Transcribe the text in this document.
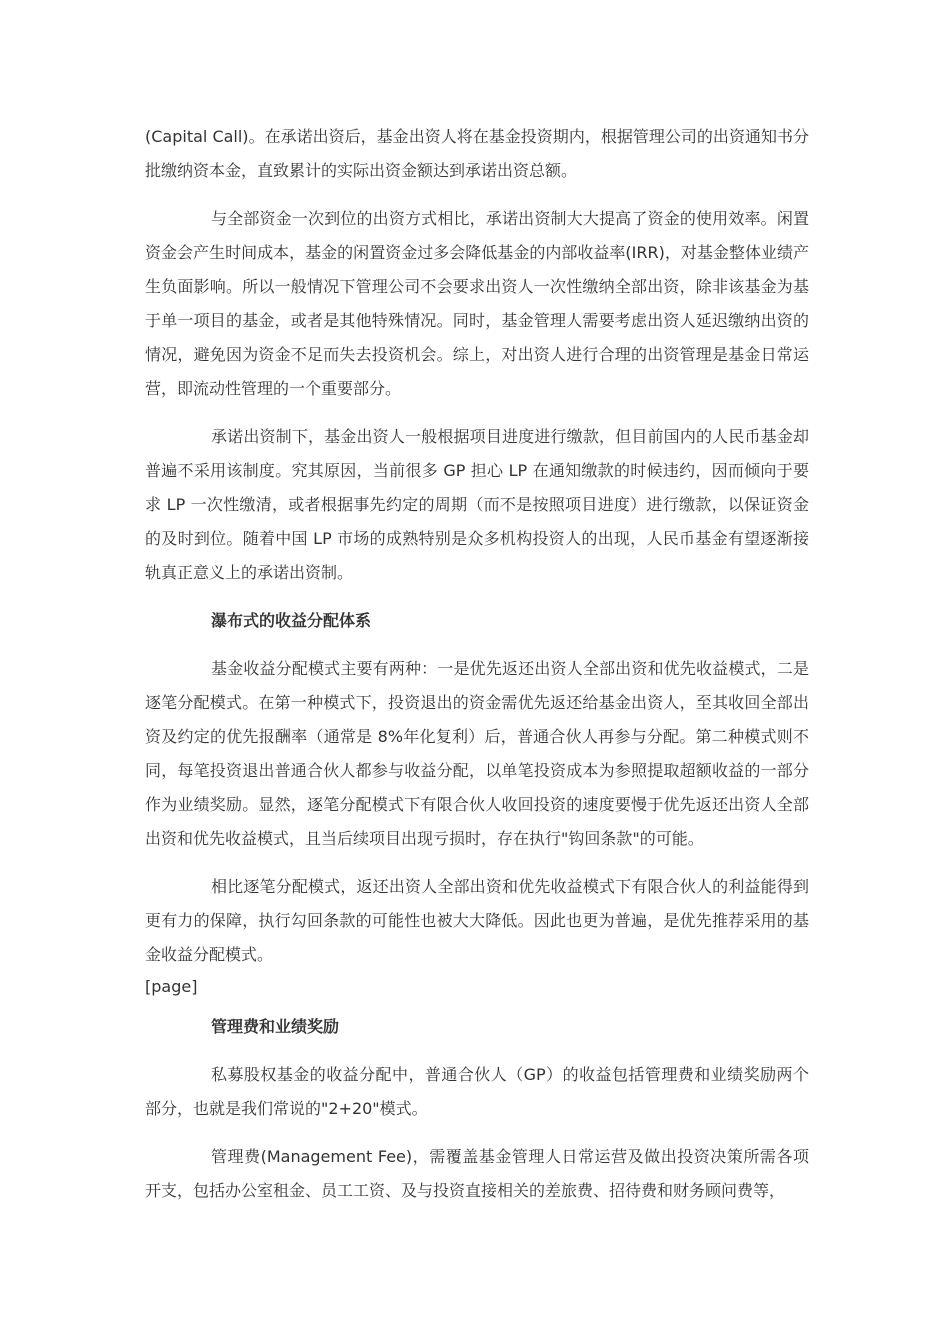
(Capital Call)。在承诺出资后，基金出资人将在基金投资期内，根据管理公司的出资通知书分批缴纳资本金，直致累计的实际出资金额达到承诺出资总额。

与全部资金一次到位的出资方式相比，承诺出资制大大提高了资金的使用效率。闲置资金会产生时间成本，基金的闲置资金过多会降低基金的内部收益率(IRR)，对基金整体业绩产生负面影响。所以一般情况下管理公司不会要求出资人一次性缴纳全部出资，除非该基金为基于单一项目的基金，或者是其他特殊情况。同时，基金管理人需要考虑出资人延迟缴纳出资的情况，避免因为资金不足而失去投资机会。综上，对出资人进行合理的出资管理是基金日常运营，即流动性管理的一个重要部分。

承诺出资制下，基金出资人一般根据项目进度进行缴款，但目前国内的人民币基金却普遍不采用该制度。究其原因，当前很多 GP 担心 LP 在通知缴款的时候违约，因而倾向于要求 LP 一次性缴清，或者根据事先约定的周期（而不是按照项目进度）进行缴款，以保证资金的及时到位。随着中国 LP 市场的成熟特别是众多机构投资人的出现，人民币基金有望逐渐接轨真正意义上的承诺出资制。

瀑布式的收益分配体系

基金收益分配模式主要有两种：一是优先返还出资人全部出资和优先收益模式，二是逐笔分配模式。在第一种模式下，投资退出的资金需优先返还给基金出资人，至其收回全部出资及约定的优先报酬率（通常是 8%年化复利）后，普通合伙人再参与分配。第二种模式则不同，每笔投资退出普通合伙人都参与收益分配，以单笔投资成本为参照提取超额收益的一部分作为业绩奖励。显然，逐笔分配模式下有限合伙人收回投资的速度要慢于优先返还出资人全部出资和优先收益模式，且当后续项目出现亏损时，存在执行"钩回条款"的可能。

相比逐笔分配模式，返还出资人全部出资和优先收益模式下有限合伙人的利益能得到更有力的保障，执行勾回条款的可能性也被大大降低。因此也更为普遍，是优先推荐采用的基金收益分配模式。

[page]

管理费和业绩奖励

私募股权基金的收益分配中，普通合伙人（GP）的收益包括管理费和业绩奖励两个部分，也就是我们常说的"2+20"模式。

管理费(Management Fee)，需覆盖基金管理人日常运营及做出投资决策所需各项开支，包括办公室租金、员工工资、及与投资直接相关的差旅费、招待费和财务顾问费等，
